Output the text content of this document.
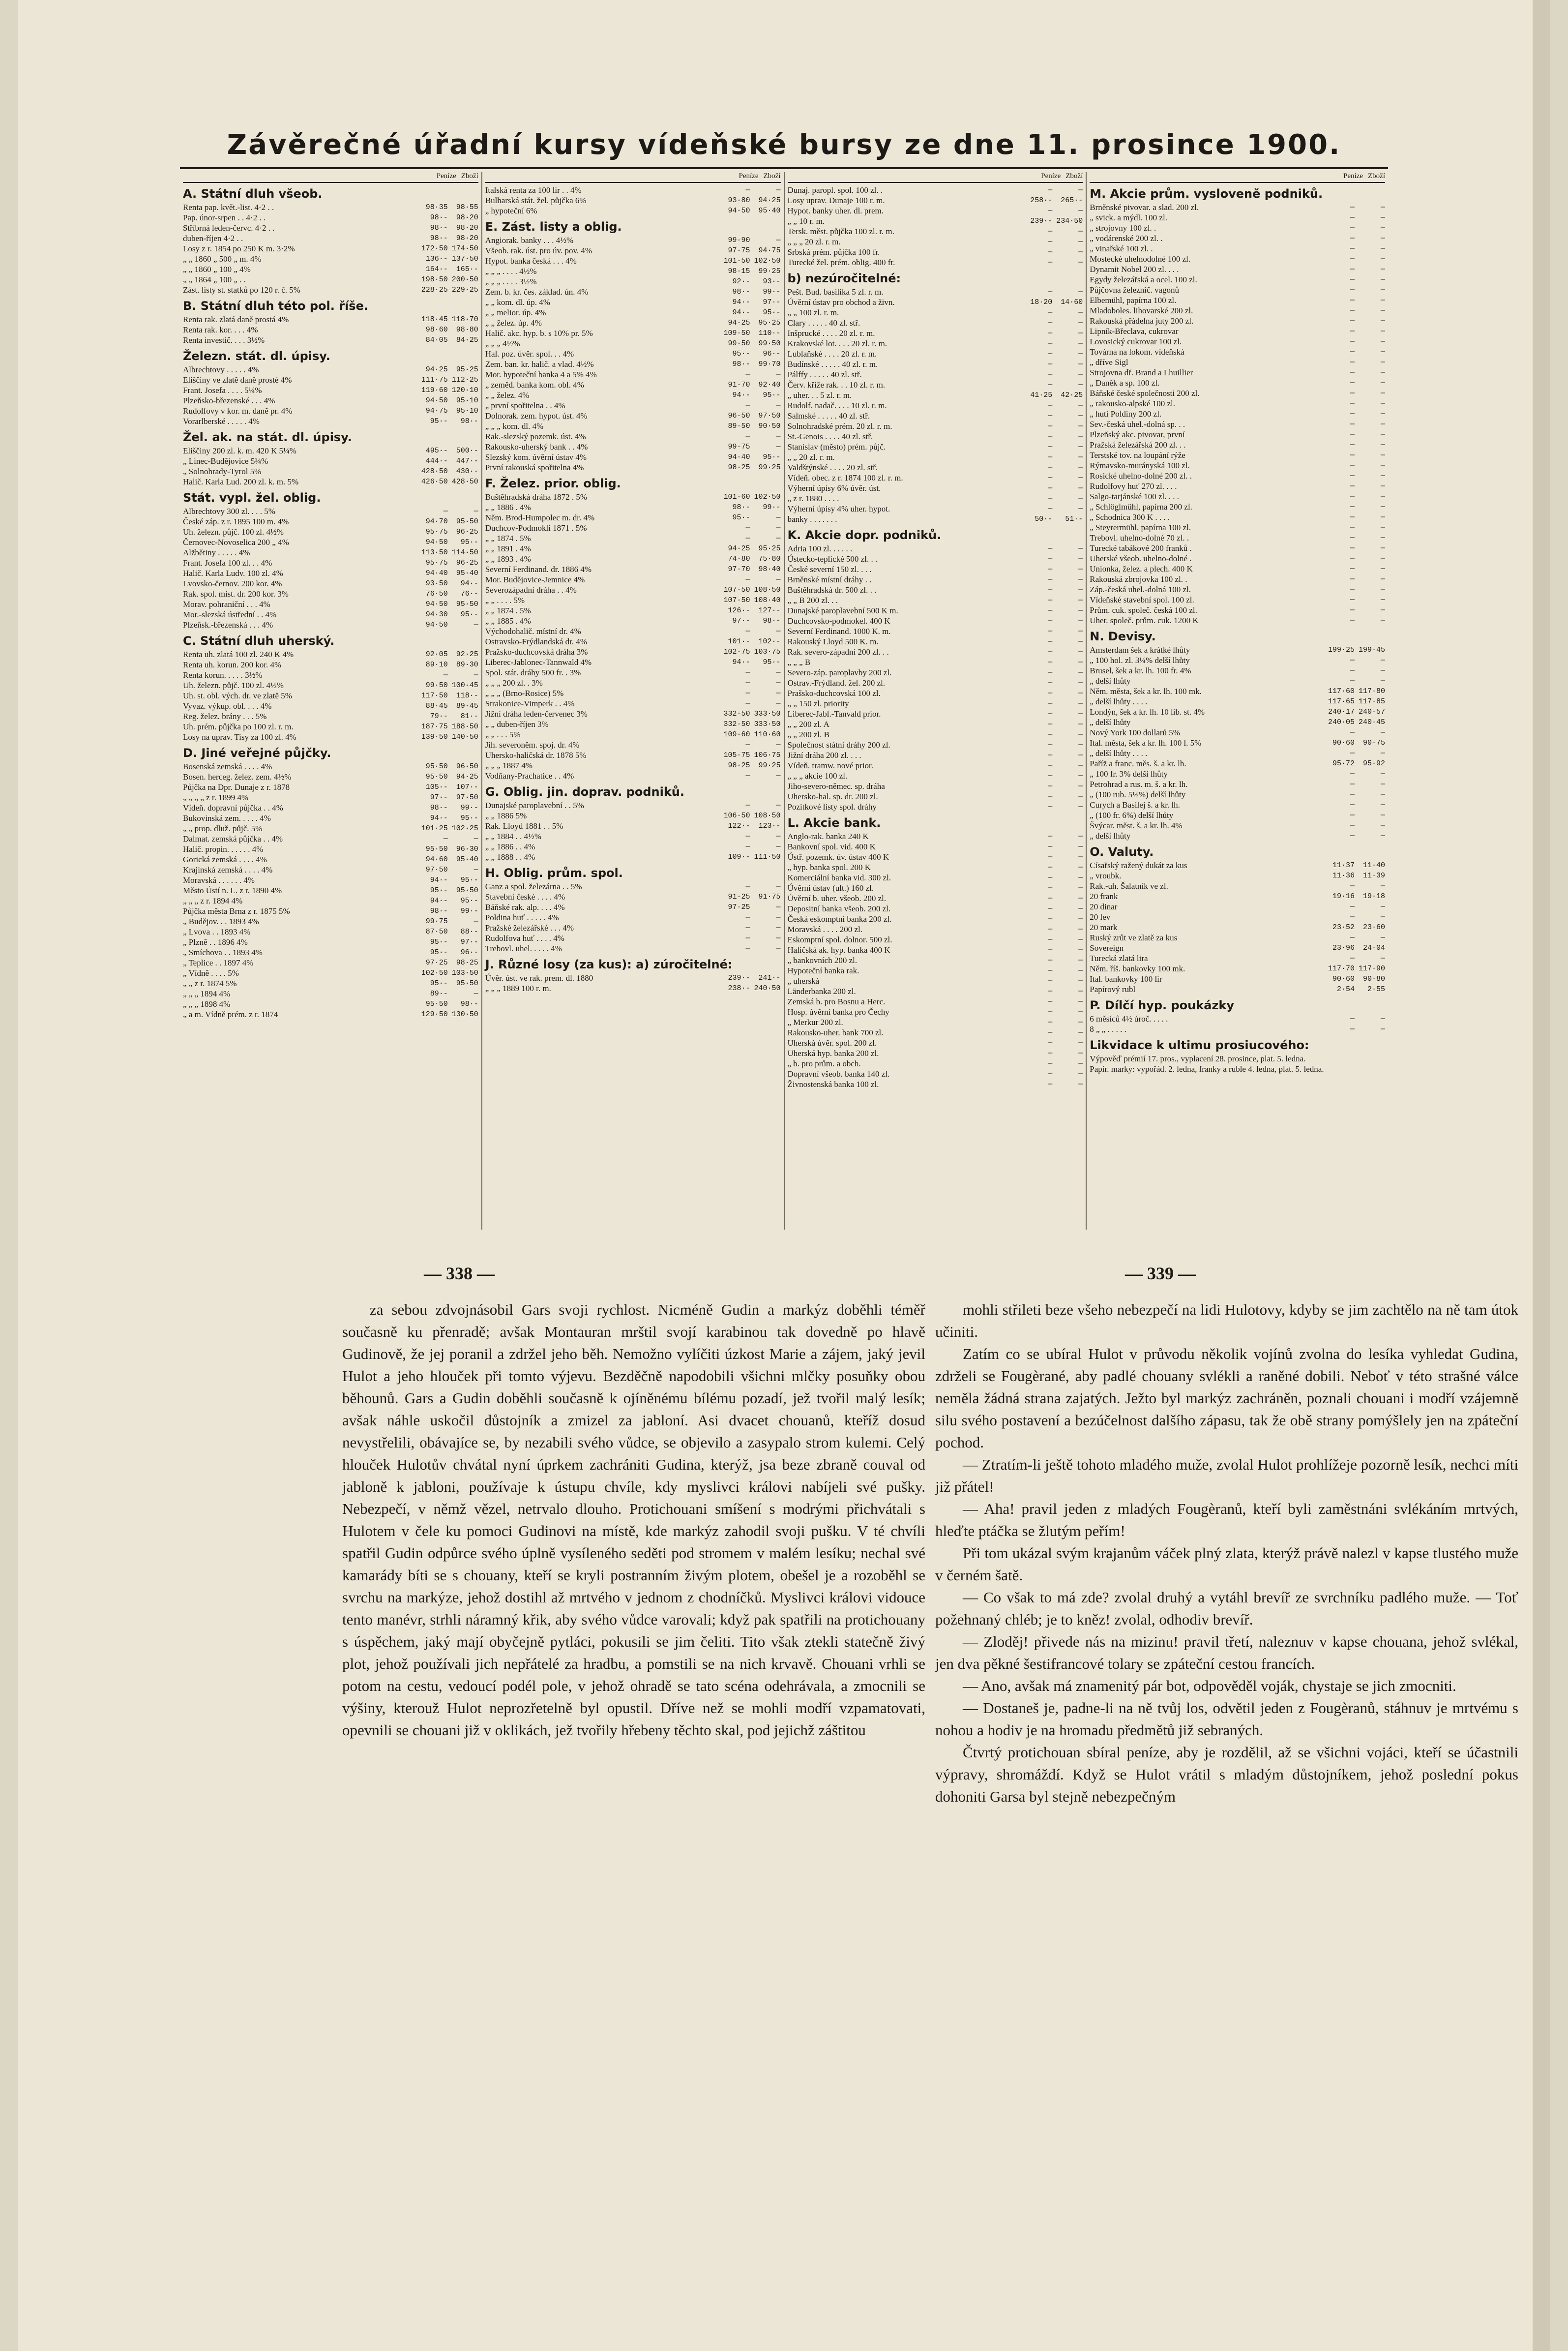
Závěrečné úřadní kursy vídeňské bursy ze dne 11. prosince 1900.
Peníze Zboží
A. Státní dluh všeob.
Renta pap. květ.-list. 4·2 . .	98·35	98·55
Pap. únor-srpen . . 4·2 . .	98·-	98·20
Stříbrná leden-červc. 4·2 . .	98·-	98·20
duben-říjen 4·2 . .	98·-	98·20
Losy z r. 1854 po 250 K m. 3·2%	172·50 174·50
„ „ 1860 „ 500 „ m. 4%	136·- 137·50
„ „ 1860 „ 100 „ 4%	164·-	165·-
„ „ 1864 „ 100 „ . .	198·50 200·50
Zást. listy st. statků po 120 r. č. 5%	228·25 229·25
B. Státní dluh této pol. říše.
Renta rak. zlatá daně prostá 4%	118·45 118·70
Renta rak. kor. . . . 4%	98·60	98·80
Renta investič. . . . 3½%	84·05	84·25
Železn. stát. dl. úpisy.
Albrechtovy . . . . . 4%	94·25	95·25
Eliščiny ve zlatě daně prosté 4%	111·75 112·25
Frant. Josefa . . . . 5¼%	119·60 120·10
Plzeňsko-březenské . . . 4%	94·50	95·10
Rudolfovy v kor. m. daně pr. 4%	94·75	95·10
Vorarlberské . . . . . 4%	95·-	98·-
Žel. ak. na stát. dl. úpisy.
Eliščiny 200 zl. k. m. 420 K 5¼%	495·-	500·-
„ Linec-Budějovice 5¼%	444·-	447·-
„ Solnohrady-Tyrol 5%	428·50	430·-
Halič. Karla Lud. 200 zl. k. m. 5%	426·50 428·50
Stát. vypl. žel. oblig.
Albrechtovy 300 zl. . . . 5%	—	—
České záp. z r. 1895 100 m. 4%	94·70	95·50
Uh. železn. půjč. 100 zl. 4½%	95·75	96·25
Černovec-Novoselica 200 „ 4%	94·50	95·-
Alžbětiny . . . . . 4%	113·50 114·50
Frant. Josefa 100 zl. . . 4%	95·75	96·25
Halič. Karla Ludv. 100 zl. 4%	94·40	95·40
Lvovsko-černov. 200 kor. 4%	93·50	94·-
Rak. spol. míst. dr. 200 kor. 3%	76·50	76·-
Morav. pohraniční . . . 4%	94·50	95·50
Mor.-slezská ústřední . . 4%	94·30	95·-
Plzeňsk.-březenská . . . 4%	94·50	—
C. Státní dluh uherský.
Renta uh. zlatá 100 zl. 240 K 4%	92·05	92·25
Renta uh. korun. 200 kor. 4%	89·10	89·30
Renta korun. . . . . 3½%	—	—
Uh. železn. půjč. 100 zl. 4½%	99·50 100·45
Uh. st. obl. vých. dr. ve zlatě 5%	117·50	118·-
Vyvaz. výkup. obl. . . . 4%	88·45	89·45
Reg. želez. brány . . . 5%	79·-	81·-
Uh. prém. půjčka po 100 zl. r. m.	187·75 188·50
Losy na uprav. Tisy za 100 zl. 4%	139·50 140·50
D. Jiné veřejné půjčky.
Bosenská zemská . . . . 4%	95·50	96·50
Bosen. herceg. želez. zem. 4½%	95·50	94·25
Půjčka na Dpr. Dunaje z r. 1878	105·-	107·-
„ „ „ „ z r. 1899 4%	97·-	97·50
Vídeň. dopravní půjčka . . 4%	98·-	99·-
Bukovinská zem. . . . . 4%	94·-	95·-
„ „ prop. dluž. půjč. 5%	101·25 102·25
Dalmat. zemská půjčka . . 4%	—	—
Halič. propin. . . . . . 4%	95·50	96·30
Gorická zemská . . . . 4%	94·60	95·40
Krajinská zemská . . . . 4%	97·50	—
Moravská . . . . . . 4%	94·-	95·-
Město Ústí n. L. z r. 1890 4%	95·-	95·50
„ „ „ z r. 1894 4%	94·-	95·-
Půjčka města Brna z r. 1875 5%	98·-	99·-
„ Budějov. . . 1893 4%	99·75	—
„ Lvova . . 1893 4%	87·50	88·-
„ Plzně . . 1896 4%	95·-	97·-
„ Smíchova . . 1893 4%	95·-	96·-
„ Teplice . . 1897 4%	97·25	98·25
„ Vídně . . . . 5%	102·50 103·50
„ „ z r. 1874 5%	95·-	95·50
„ „ „ 1894 4%	89·-	—
„ „ „ 1898 4%	95·50	98·-
„ a m. Vídně prém. z r. 1874	129·50 130·50
Peníze Zboží
Italská renta za 100 lir . . 4%	—	—
Bulharská stát. žel. půjčka 6%	93·80	94·25
„ hypoteční 6%	94·50	95·40
E. Zást. listy a oblig.
Angiorak. banky . . . 4½%	99·90	—
Všeob. rak. úst. pro úv. pov. 4%	97·75	94·75
Hypot. banka česká . . . 4%	101·50 102·50
„ „ „ . . . . 4½%	98·15	99·25
„ „ „ . . . . 3½%	92·-	93·-
Zem. b. kr. čes. základ. ún. 4%	98·-	99·-
„ „ kom. dl. úp. 4%	94·-	97·-
„ „ melior. úp. 4%	94·-	95·-
„ „ želez. úp. 4%	94·25	95·25
Halič. akc. hyp. b. s 10% pr. 5%	109·50	110·-
„ „ „ 4½%	99·50	99·50
Hal. poz. úvěr. spol. . . 4%	95·-	96·-
Zem. ban. kr. halič. a vlad. 4½%	98·-	99·70
Mor. hypoteční banka 4 a 5% 4%	—	—
„ zeměd. banka kom. obl. 4%	91·70	92·40
„ „ želez. 4%	94·-	95·-
„ první spořitelna . . 4%	—	—
Dolnorak. zem. hypot. úst. 4%	96·50	97·50
„ „ „ kom. dl. 4%	89·50	90·50
Rak.-slezský pozemk. úst. 4%	—	—
Rakousko-uherský bank . . 4%	99·75	—
Slezský kom. úvěrní ústav 4%	94·40	95·-
První rakouská spořitelna 4%	98·25	99·25
F. Želez. prior. oblig.
Buštěhradská dráha 1872 . 5%	101·60 102·50
„ „ 1886 . 4%	98·-	99·-
Něm. Brod-Humpolec m. dr. 4%	95·-	—
Duchcov-Podmokli 1871 . 5%	—	—
„ „ 1874 . 5%	—	—
„ „ 1891 . 4%	94·25	95·25
„ „ 1893 . 4%	74·80	75·80
Severní Ferdinand. dr. 1886 4%	97·70	98·40
Mor. Budějovice-Jemnice 4%	—	—
Severozápadní dráha . . 4%	107·50 108·50
„ „ . . . . 5%	107·50 108·40
„ „ 1874 . 5%	126·-	127·-
„ „ 1885 . 4%	97·-	98·-
Východohalič. místní dr. 4%	—	—
Ostravsko-Frýdlandská dr. 4%	101·-	102·-
Pražsko-duchcovská dráha 3%	102·75 103·75
Liberec-Jablonec-Tannwald 4%	94·-	95·-
Spol. stát. dráhy 500 fr. . 3%	—	—
„ „ „ 200 zl. . 3%	—	—
„ „ „ (Brno-Rosice) 5%	—	—
Strakonice-Vimperk . . 4%	—	—
Jižní dráha leden-červenec 3%	332·50 333·50
„ „ duben-říjen 3%	332·50 333·50
„ „ . . . 5%	109·60 110·60
Jih. severoněm. spoj. dr. 4%	—	—
Uhersko-haličská dr. 1878 5%	105·75 106·75
„ „ „ 1887 4%	98·25	99·25
Vodňany-Prachatice . . 4%	—	—
G. Oblig. jin. doprav. podniků.
Dunajské paroplavební . . 5%	—	—
„ „ 1886 5%	106·50 108·50
Rak. Lloyd 1881 . . 5%	122·-	123·-
„ „ 1884 . . 4½%	—	—
„ „ 1886 . . 4%	—	—
„ „ 1888 . . 4%	109·- 111·50
H. Oblig. prům. spol.
Ganz a spol. železárna . . 5%	—	—
Stavební české . . . . 4%	91·25	91·75
Báňské rak. alp. . . . 4%	97·25	—
Poldina huť . . . . . 4%	—	—
Pražské železářské . . . 4%	—	—
Rudolfova huť . . . . 4%	—	—
Trebovl. uhel. . . . . 4%	—	—
J. Různé losy (za kus): a) zúročitelné:
Úvěr. úst. ve rak. prem. dl. 1880	239·-	241·-
„ „ „ 1889 100 r. m.	238·- 240·50
Peníze Zboží
Dunaj. paropl. spol. 100 zl. .	—	—
Losy uprav. Dunaje 100 r. m.	258·-	265·-
Hypot. banky uher. dl. prem.	—	—
„ „ 10 r. m.	239·- 234·50
Tersk. měst. půjčka 100 zl. r. m.	—	—
„ „ „ 20 zl. r. m.	—	—
Srbská prém. půjčka 100 fr.	—	—
Turecké žel. prém. oblig. 400 fr.	—	—
b) nezúročitelné:
Pešt. Bud. basilika 5 zl. r. m.	—	—
Úvěrní ústav pro obchod a živn.	18·20	14·60
„ „ 100 zl. r. m.	—	—
Clary . . . . . 40 zl. stř.	—	—
Inšprucké . . . . 20 zl. r. m.	—	—
Krakovské lot. . . . 20 zl. r. m.	—	—
Lublaňské . . . . 20 zl. r. m.	—	—
Budínské . . . . . 40 zl. r. m.	—	—
Pálffy . . . . . 40 zl. stř.	—	—
Červ. kříže rak. . . 10 zl. r. m.	—	—
„ uher. . . 5 zl. r. m.	41·25	42·25
Rudolf. nadač. . . . 10 zl. r. m.	—	—
Salmské . . . . . 40 zl. stř.	—	—
Solnohradské prém. 20 zl. r. m.	—	—
St.-Genois . . . . 40 zl. stř.	—	—
Stanislav (město) prém. půjč.	—	—
„ „ 20 zl. r. m.	—	—
Valdštýnské . . . . 20 zl. stř.	—	—
Vídeň. obec. z r. 1874 100 zl. r. m.	—	—
Výherní úpisy 6% úvěr. úst.	—	—
„ z r. 1880 . . . .	—	—
Výherní úpisy 4% uher. hypot.	—	—
banky . . . . . . .	50·-	51·-
K. Akcie dopr. podniků.
Adria 100 zl. . . . . .	—	—
Ústecko-teplické 500 zl. . .	—	—
České severní 150 zl. . . .	—	—
Brněnské místní dráhy . .	—	—
Buštěhradská dr. 500 zl. . .	—	—
„ „ B 200 zl. . .	—	—
Dunajské paroplavební 500 K m.	—	—
Duchcovsko-podmokel. 400 K	—	—
Severní Ferdinand. 1000 K. m.	—	—
Rakouský Lloyd 500 K. m.	—	—
Rak. severo-západní 200 zl. . .	—	—
„ „ „ B	—	—
Severo-záp. paroplavby 200 zl.	—	—
Ostrav.-Frýdland. žel. 200 zl.	—	—
Prašsko-duchcovská 100 zl.	—	—
„ „ 150 zl. priority	—	—
Liberec-Jabl.-Tanvald prior.	—	—
„ „ 200 zl. A	—	—
„ „ 200 zl. B	—	—
Společnost státní dráhy 200 zl.	—	—
Jižní dráha 200 zl. . . .	—	—
Vídeň. tramw. nové prior.	—	—
„ „ „ akcie 100 zl.	—	—
Jiho-severo-němec. sp. dráha	—	—
Uhersko-hal. sp. dr. 200 zl.	—	—
Pozitkové listy spol. dráhy	—	—
L. Akcie bank.
Anglo-rak. banka 240 K	—	—
Bankovní spol. vid. 400 K	—	—
Ústř. pozemk. úv. ústav 400 K	—	—
„ hyp. banka spol. 200 K	—	—
Komerciální banka vid. 300 zl.	—	—
Úvěrní ústav (ult.) 160 zl.	—	—
Úvěrní b. uher. všeob. 200 zl.	—	—
Depositní banka všeob. 200 zl.	—	—
Česká eskomptní banka 200 zl.	—	—
Moravská . . . . 200 zl.	—	—
Eskomptní spol. dolnor. 500 zl.	—	—
Haličská ak. hyp. banka 400 K	—	—
„ bankovních 200 zl.	—	—
Hypoteční banka rak.	—	—
„ uherská	—	—
Länderbanka 200 zl.	—	—
Zemská b. pro Bosnu a Herc.	—	—
Hosp. úvěrní banka pro Čechy	—	—
„ Merkur 200 zl.	—	—
Rakousko-uher. bank 700 zl.	—	—
Uherská úvěr. spol. 200 zl.	—	—
Uherská hyp. banka 200 zl.	—	—
„ b. pro prům. a obch.	—	—
Dopravní všeob. banka 140 zl.	—	—
Živnostenská banka 100 zl.	—	—
Peníze Zboží
M. Akcie prům. vysloveně podniků.
Brněnské pivovar. a slad. 200 zl.	—	—
„ svick. a mýdl. 100 zl.	—	—
„ strojovny 100 zl. .	—	—
„ vodárenské 200 zl. .	—	—
„ vinařské 100 zl. .	—	—
Mostecké uhelnodolné 100 zl.	—	—
Dynamit Nobel 200 zl. . . .	—	—
Egydy železářská a ocel. 100 zl.	—	—
Půjčovna železnič. vagonů	—	—
Elbemühl, papírna 100 zl.	—	—
Mladoboles. lihovarské 200 zl.	—	—
Rakouská přádelna juty 200 zl.	—	—
Lipník-Břeclava, cukrovar	—	—
Lovosický cukrovar 100 zl.	—	—
Továrna na lokom. vídeňská	—	—
„ dříve Sigl	—	—
Strojovna dř. Brand a Lhuillier	—	—
„ Daněk a sp. 100 zl.	—	—
Báňské české společnosti 200 zl.	—	—
„ rakousko-alpské 100 zl.	—	—
„ hutí Poldiny 200 zl.	—	—
Sev.-česká uhel.-dolná sp. . .	—	—
Plzeňský akc. pivovar, první	—	—
Pražská železářská 200 zl. . .	—	—
Terstské tov. na loupání rýže	—	—
Rýmavsko-murányská 100 zl.	—	—
Rosické uhelno-dolné 200 zl. .	—	—
Rudolfovy huť 270 zl. . . .	—	—
Salgo-tarjánské 100 zl. . . .	—	—
„ Schlöglmühl, papírna 200 zl.	—	—
„ Schodnica 300 K . . . .	—	—
„ Steyrermühl, papírna 100 zl.	—	—
Trebovl. uhelno-dolné 70 zl. .	—	—
Turecké tabákové 200 franků .	—	—
Uherské všeob. uhelno-dolné .	—	—
Unionka, želez. a plech. 400 K	—	—
Rakouská zbrojovka 100 zl. .	—	—
Záp.-česká uhel.-dolná 100 zl.	—	—
Vídeňské stavební spol. 100 zl.	—	—
Prům. cuk. společ. česká 100 zl.	—	—
Uher. společ. prům. cuk. 1200 K	—	—
N. Devisy.
Amsterdam šek a krátké lhůty	199·25 199·45
„ 100 hol. zl. 3¼% delší lhůty	—	—
Brusel, šek a kr. lh. 100 fr. 4%	—	—
„ delší lhůty	—	—
Něm. města, šek a kr. lh. 100 mk.	117·60 117·80
„ delší lhůty . . . .	117·65 117·85
Londýn, šek a kr. lh. 10 lib. st. 4%	240·17 240·57
„ delší lhůty	240·05 240·45
Nový York 100 dollarů 5%	—	—
Ital. města, šek a kr. lh. 100 l. 5%	90·60	90·75
„ delší lhůty . . . .	—	—
Paříž a franc. měs. š. a kr. lh.	95·72	95·92
„ 100 fr. 3% delší lhůty	—	—
Petrohrad a rus. m. š. a kr. lh.	—	—
„ (100 rub. 5½%) delší lhůty	—	—
Curych a Basilej š. a kr. lh.	—	—
„ (100 fr. 6%) delší lhůty	—	—
Švýcar. měst. š. a kr. lh. 4%	—	—
„ delší lhůty	—	—
O. Valuty.
Císařský ražený dukát za kus	11·37	11·40
„ vroubk.	11·36	11·39
Rak.-uh. Šalatník ve zl.	—	—
20 frank	19·16	19·18
20 dinar	—	—
20 lev	—	—
20 mark	23·52	23·60
Ruský zrůt ve zlatě za kus	—	—
Sovereign	23·96	24·04
Turecká zlatá lira	—	—
Něm. říš. bankovky 100 mk.	117·70 117·90
Ital. bankovky 100 lir	90·60	90·80
Papírový rubl	2·54	2·55
P. Dílčí hyp. poukázky
6 měsíců 4½ úroč. . . . .	—	—
8 „ „ . . . . .	—	—
Likvidace k ultimu prosiucového:
Výpověď prémií 17. pros., vyplacení 28. prosince, plat. 5. ledna.
Papír. marky: vypořád. 2. ledna, franky a ruble 4. ledna, plat. 5. ledna.
— 338 —	— 339 —

za sebou zdvojnásobil Gars svoji rychlost. Nicméně Gudin a markýz doběhli téměř současně ku přenradě; avšak Montauran mrštil svojí karabinou tak dovedně po hlavě Gudinově, že jej poranil a zdržel jeho běh. Nemožno vylíčiti úzkost Marie a zájem, jaký jevil Hulot a jeho hlouček při tomto výjevu. Bezděčně napodobili všichni mlčky posuňky obou běhounů. Gars a Gudin doběhli současně k ojíněnému bílému pozadí, jež tvořil malý lesík; avšak náhle uskočil důstojník a zmizel za jabloní. Asi dvacet chouanů, kteříž dosud nevystřelili, obávajíce se, by nezabili svého vůdce, se objevilo a zasypalo strom kulemi. Celý hlouček Hulotův chvátal nyní úprkem zachrániti Gudina, kterýž, jsa beze zbraně couval od jabloně k jabloni, používaje k ústupu chvíle, kdy myslivci královi nabíjeli své pušky. Nebezpečí, v němž vězel, netrvalo dlouho. Protichouani smíšení s modrými přichvátali s Hulotem v čele ku pomoci Gudinovi na místě, kde markýz zahodil svoji pušku. V té chvíli spatřil Gudin odpůrce svého úplně vysíleného seděti pod stromem v malém lesíku; nechal své kamarády bíti se s chouany, kteří se kryli postranním živým plotem, obešel je a rozoběhl se svrchu na markýze, jehož dostihl až mrtvého v jednom z chodníčků. Myslivci královi vidouce tento manévr, strhli náramný křik, aby svého vůdce varovali; když pak spatřili na protichouany s úspěchem, jaký mají obyčejně pytláci, pokusili se jim čeliti. Tito však ztekli statečně živý plot, jehož používali jich nepřátelé za hradbu, a pomstili se na nich krvavě. Chouani vrhli se potom na cestu, vedoucí podél pole, v jehož ohradě se tato scéna odehrávala, a zmocnili se výšiny, kterouž Hulot neprozřetelně byl opustil. Dříve než se mohli modří vzpamatovati, opevnili se chouani již v oklikách, jež tvořily hřebeny těchto skal, pod jejichž záštitou

mohli střileti beze všeho nebezpečí na lidi Hulotovy, kdyby se jim zachtělo na ně tam útok učiniti.

Zatím co se ubíral Hulot v průvodu několik vojínů zvolna do lesíka vyhledat Gudina, zdrželi se Fougèrané, aby padlé chouany svlékli a raněné dobili. Neboť v této strašné válce neměla žádná strana zajatých. Ježto byl markýz zachráněn, poznali chouani i modří vzájemně silu svého postavení a bezúčelnost dalšího zápasu, tak že obě strany pomýšlely jen na zpáteční pochod.

— Ztratím-li ještě tohoto mladého muže, zvolal Hulot prohlížeje pozorně lesík, nechci míti již přátel!

— Aha! pravil jeden z mladých Fougèranů, kteří byli zaměstnáni svlékáním mrtvých, hleďte ptáčka se žlutým peřím!

Při tom ukázal svým krajanům váček plný zlata, kterýž právě nalezl v kapse tlustého muže v černém šatě.

— Co však to má zde? zvolal druhý a vytáhl brevíř ze svrchníku padlého muže. — Toť požehnaný chléb; je to kněz! zvolal, odhodiv brevíř.

— Zloděj! přivede nás na mizinu! pravil třetí, naleznuv v kapse chouana, jehož svlékal, jen dva pěkné šestifrancové tolary se zpáteční cestou francích.

— Ano, avšak má znamenitý pár bot, odpověděl voják, chystaje se jich zmocniti.

— Dostaneš je, padne-li na ně tvůj los, odvětil jeden z Fougèranů, stáhnuv je mrtvému s nohou a hodiv je na hromadu předmětů již sebraných.

Čtvrtý protichouan sbíral peníze, aby je rozdělil, až se všichni vojáci, kteří se účastnili výpravy, shromáždí. Když se Hulot vrátil s mladým důstojníkem, jehož poslední pokus dohoniti Garsa byl stejně nebezpečným
